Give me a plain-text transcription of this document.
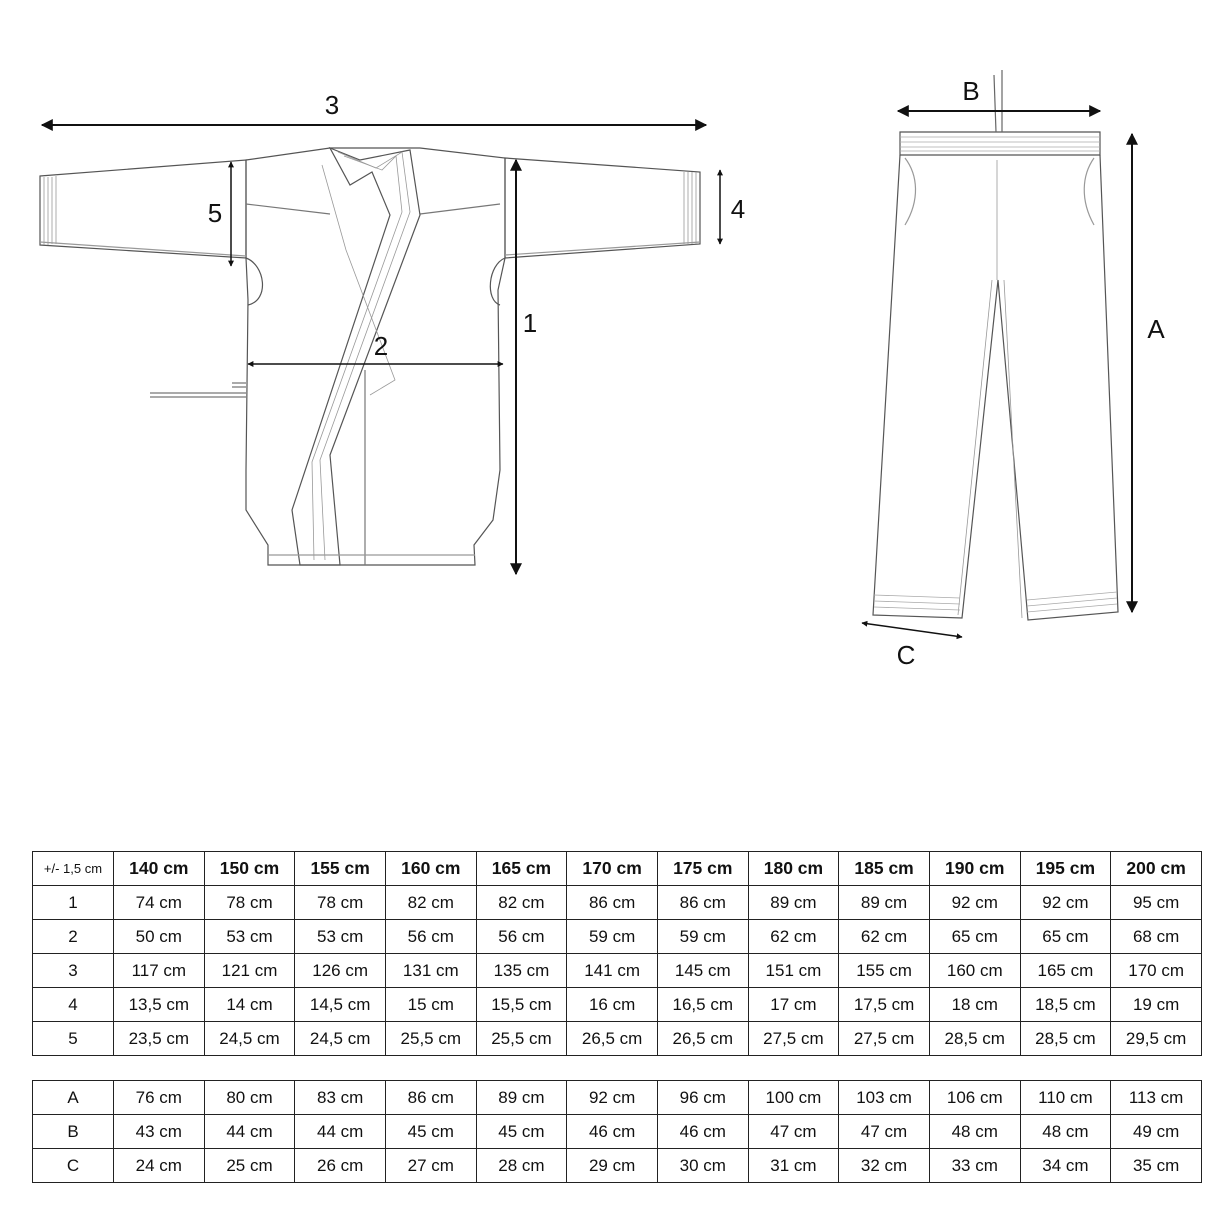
3
5	4
1
2
B
A
C
+/- 1,5 cm	140 cm	150 cm	155 cm	160 cm	165 cm	170 cm	175 cm	180 cm	185 cm	190 cm	195 cm	200 cm
1	74 cm	78 cm	78 cm	82 cm	82 cm	86 cm	86 cm	89 cm	89 cm	92 cm	92 cm	95 cm
2	50 cm	53 cm	53 cm	56 cm	56 cm	59 cm	59 cm	62 cm	62 cm	65 cm	65 cm	68 cm
3	117 cm	121 cm	126 cm	131 cm	135 cm	141 cm	145 cm	151 cm	155 cm	160 cm	165 cm	170 cm
4	13,5 cm	14 cm	14,5 cm	15 cm	15,5 cm	16 cm	16,5 cm	17 cm	17,5 cm	18 cm	18,5 cm	19 cm
5	23,5 cm	24,5 cm	24,5 cm	25,5 cm	25,5 cm	26,5 cm	26,5 cm	27,5 cm	27,5 cm	28,5 cm	28,5 cm	29,5 cm
A	76 cm	80 cm	83 cm	86 cm	89 cm	92 cm	96 cm	100 cm	103 cm	106 cm	110 cm	113 cm
B	43 cm	44 cm	44 cm	45 cm	45 cm	46 cm	46 cm	47 cm	47 cm	48 cm	48 cm	49 cm
C	24 cm	25 cm	26 cm	27 cm	28 cm	29 cm	30 cm	31 cm	32 cm	33 cm	34 cm	35 cm
